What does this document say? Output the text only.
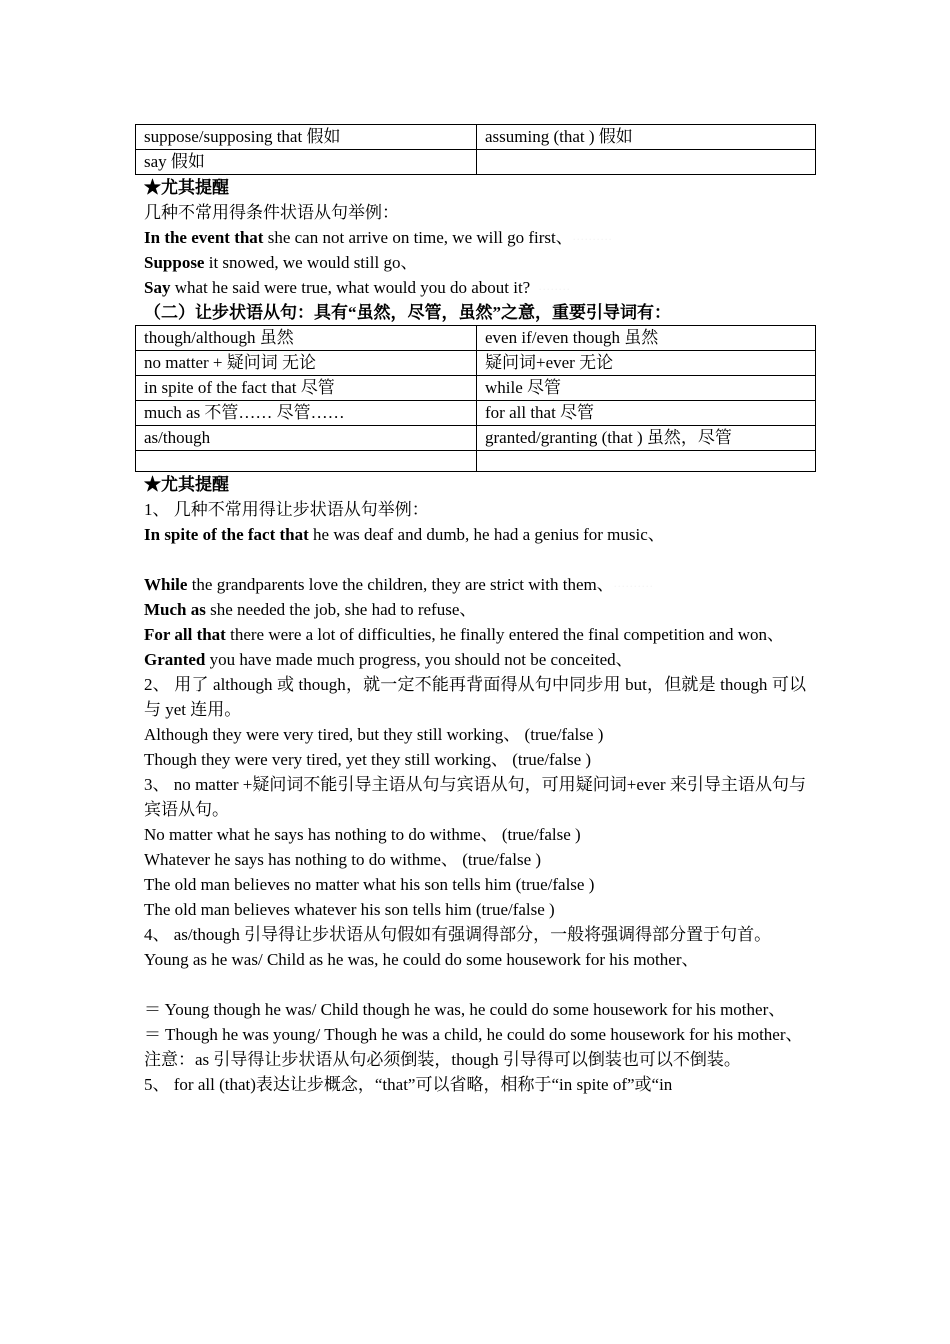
suppose/supposing that 假如	assuming (that ) 假如
say 假如	
★尤其提醒
几种不常用得条件状语从句举例：
In the event that she can not arrive on time, we will go first、 ··········
Suppose it snowed, we would still go、
Say what he said were true, what would you do about it? ········
（二）让步状语从句：具有“虽然，尽管，虽然”之意，重要引导词有：
though/although 虽然	even if/even though 虽然
no matter + 疑问词 无论	疑问词+ever 无论
in spite of the fact that 尽管	while 尽管
much as 不管…… 尽管……	for all that 尽管
as/though	granted/granting (that ) 虽然，尽管

★尤其提醒
1、 几种不常用得让步状语从句举例：
In spite of the fact that he was deaf and dumb, he had a genius for music、
While the grandparents love the children, they are strict with them、 ··········
Much as she needed the job, she had to refuse、
For all that there were a lot of difficulties, he finally entered the final competition and won、
Granted you have made much progress, you should not be conceited、
2、 用了 although 或 though，就一定不能再背面得从句中同步用 but，但就是 though 可以与 yet 连用。
Although they were very tired, but they still working、 (true/false )
Though they were very tired, yet they still working、 (true/false )
3、 no matter +疑问词不能引导主语从句与宾语从句，可用疑问词+ever 来引导主语从句与宾语从句。
No matter what he says has nothing to do withme、 (true/false )
Whatever he says has nothing to do withme、 (true/false )
The old man believes no matter what his son tells him (true/false )
The old man believes whatever his son tells him (true/false )
4、 as/though 引导得让步状语从句假如有强调得部分，一般将强调得部分置于句首。
Young as he was/ Child as he was, he could do some housework for his mother、
＝ Young though he was/ Child though he was, he could do some housework for his mother、
＝ Though he was young/ Though he was a child, he could do some housework for his mother、
注意：as 引导得让步状语从句必须倒装，though 引导得可以倒装也可以不倒装。
5、 for all (that)表达让步概念，“that”可以省略，相称于“in spite of”或“in
